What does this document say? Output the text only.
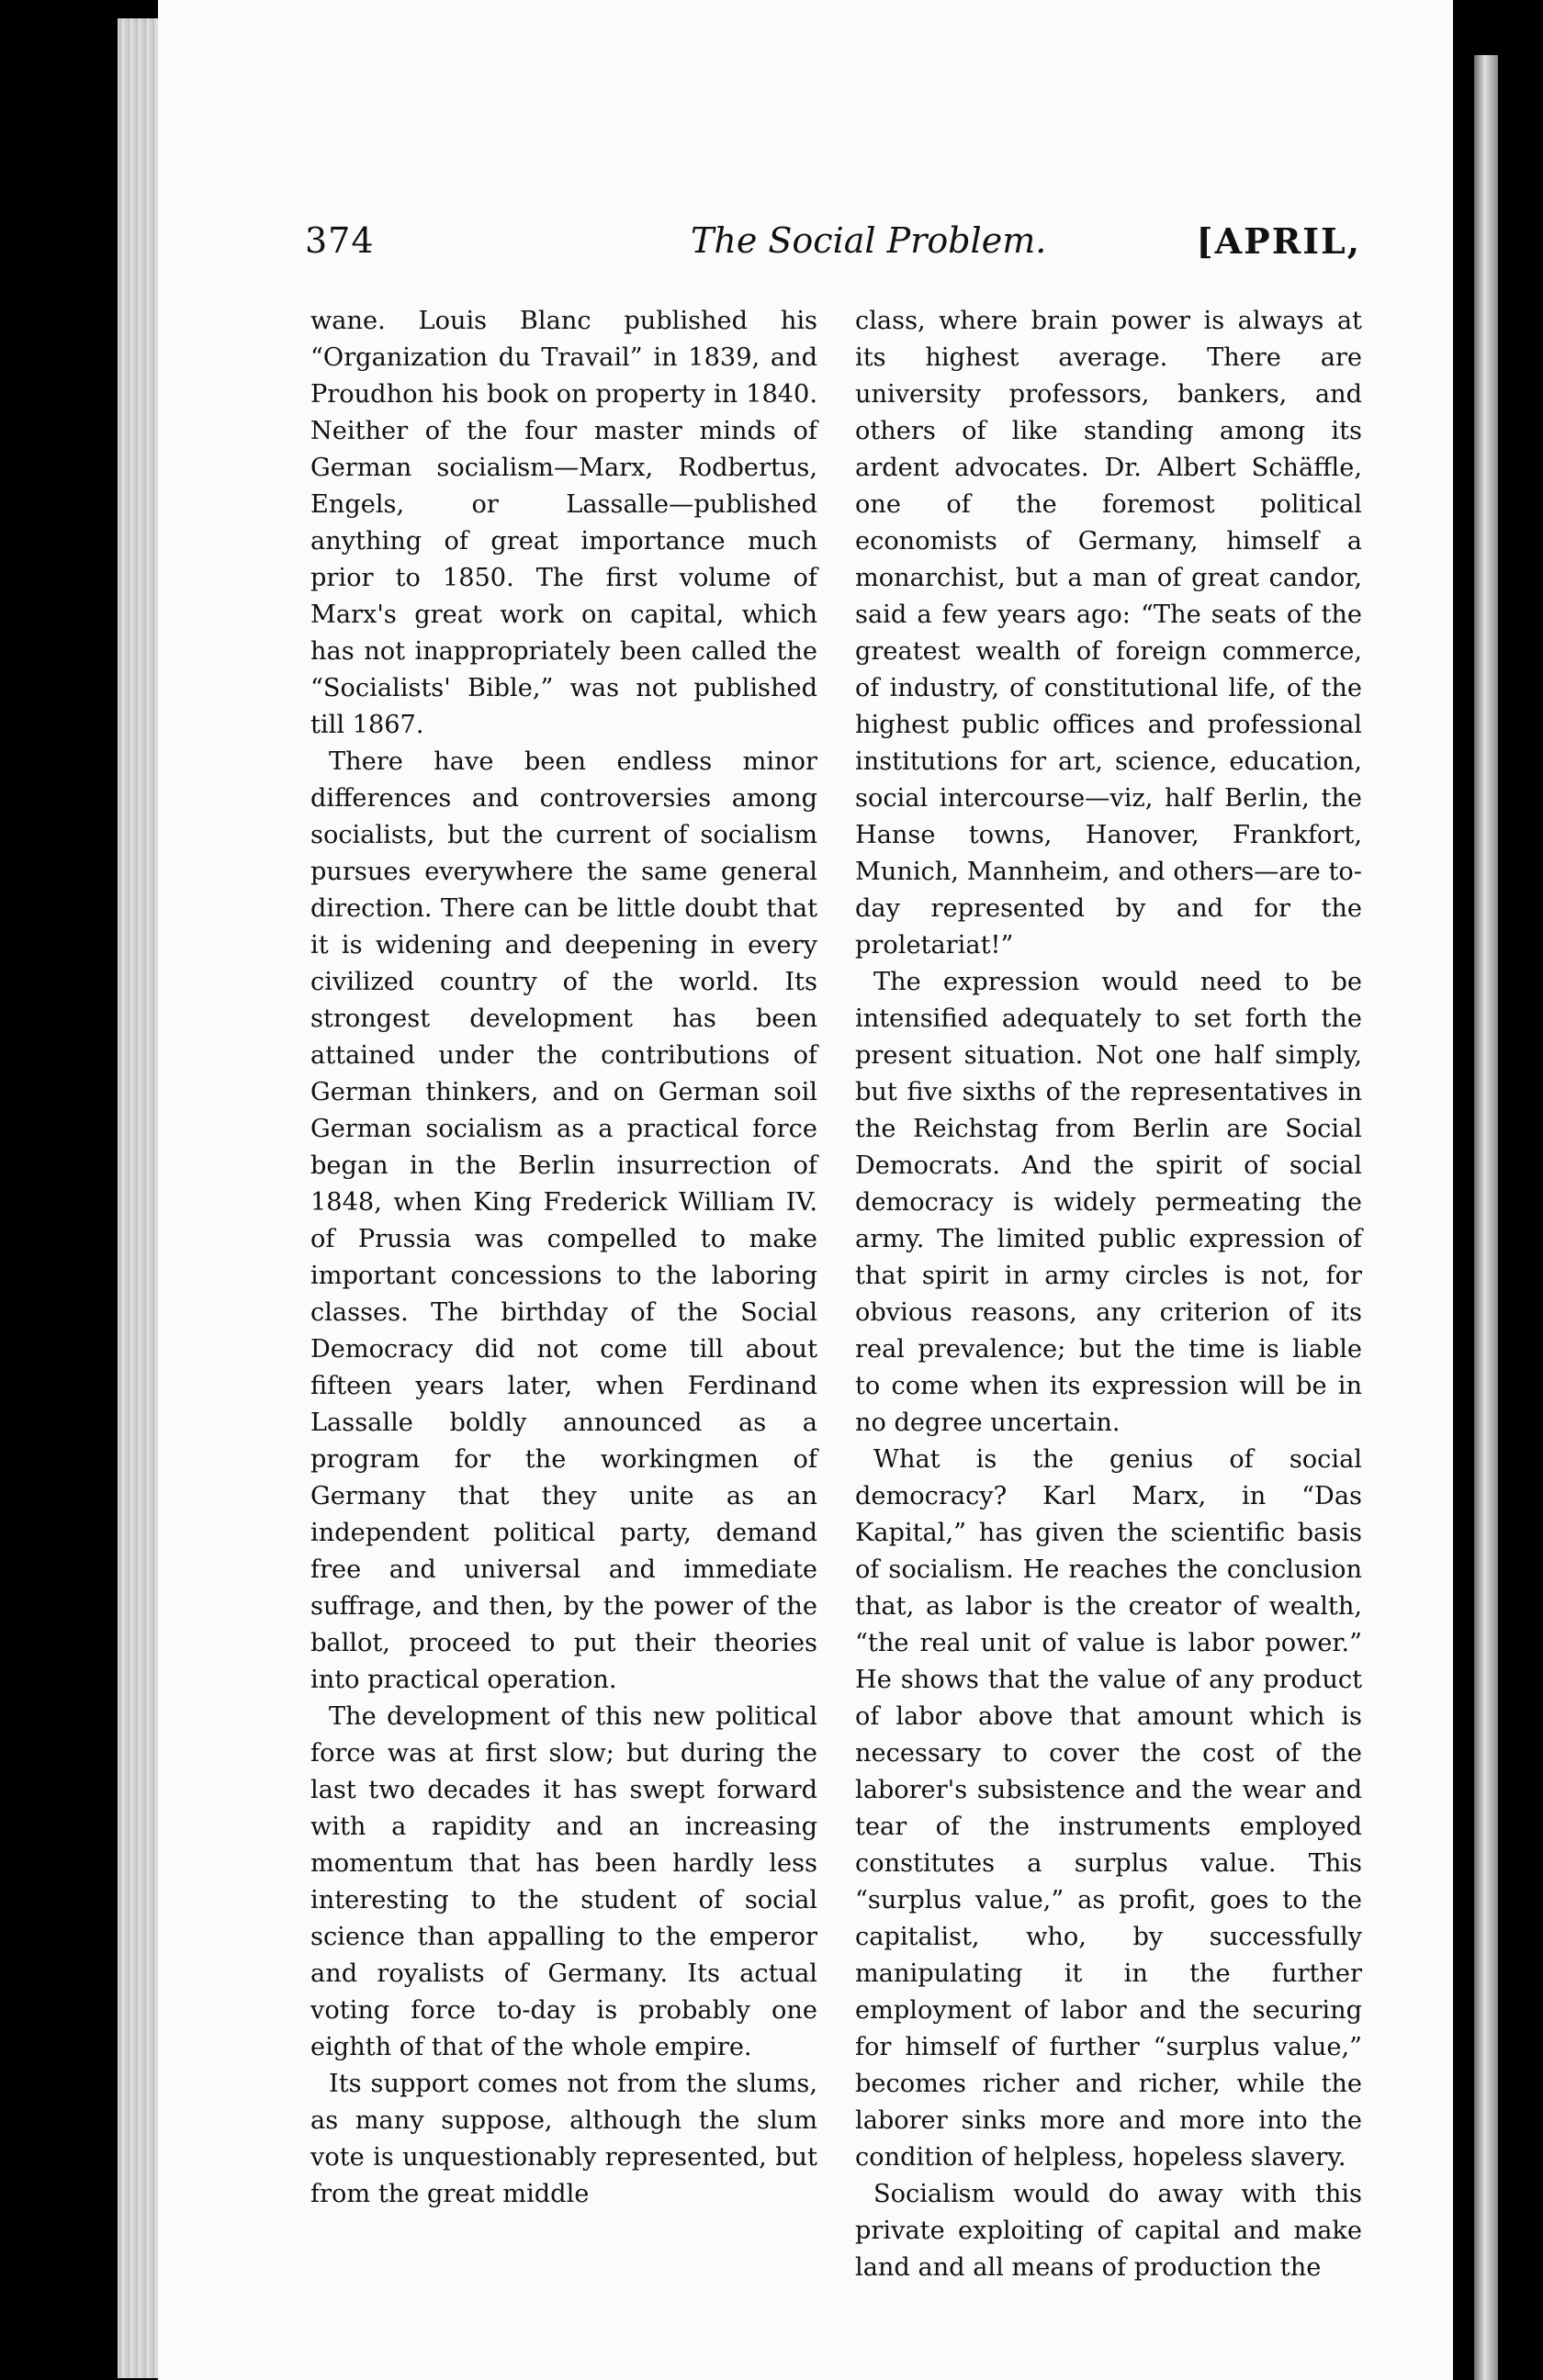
374	The Social Problem.	[APRIL,

wane. Louis Blanc published his “Organization du Travail” in 1839, and Proudhon his book on property in 1840. Neither of the four master minds of German socialism—Marx, Rodbertus, Engels, or Lassalle—published anything of great importance much prior to 1850. The first volume of Marx's great work on capital, which has not inappropriately been called the “Socialists' Bible,” was not published till 1867.

There have been endless minor differences and controversies among socialists, but the current of socialism pursues everywhere the same general direction. There can be little doubt that it is widening and deepening in every civilized country of the world. Its strongest development has been attained under the contributions of German thinkers, and on German soil German socialism as a practical force began in the Berlin insurrection of 1848, when King Frederick William IV. of Prussia was compelled to make important concessions to the laboring classes. The birthday of the Social Democracy did not come till about fifteen years later, when Ferdinand Lassalle boldly announced as a program for the workingmen of Germany that they unite as an independent political party, demand free and universal and immediate suffrage, and then, by the power of the ballot, proceed to put their theories into practical operation.

The development of this new political force was at first slow; but during the last two decades it has swept forward with a rapidity and an increasing momentum that has been hardly less interesting to the student of social science than appalling to the emperor and royalists of Germany. Its actual voting force to-day is probably one eighth of that of the whole empire.

Its support comes not from the slums, as many suppose, although the slum vote is unquestionably represented, but from the great middle

class, where brain power is always at its highest average. There are university professors, bankers, and others of like standing among its ardent advocates. Dr. Albert Schäffle, one of the foremost political economists of Germany, himself a monarchist, but a man of great candor, said a few years ago: “The seats of the greatest wealth of foreign commerce, of industry, of constitutional life, of the highest public offices and professional institutions for art, science, education, social intercourse—viz, half Berlin, the Hanse towns, Hanover, Frankfort, Munich, Mannheim, and others—are to-day represented by and for the proletariat!”

The expression would need to be intensified adequately to set forth the present situation. Not one half simply, but five sixths of the representatives in the Reichstag from Berlin are Social Democrats. And the spirit of social democracy is widely permeating the army. The limited public expression of that spirit in army circles is not, for obvious reasons, any criterion of its real prevalence; but the time is liable to come when its expression will be in no degree uncertain.

What is the genius of social democracy? Karl Marx, in “Das Kapital,” has given the scientific basis of socialism. He reaches the conclusion that, as labor is the creator of wealth, “the real unit of value is labor power.” He shows that the value of any product of labor above that amount which is necessary to cover the cost of the laborer's subsistence and the wear and tear of the instruments employed constitutes a surplus value. This “surplus value,” as profit, goes to the capitalist, who, by successfully manipulating it in the further employment of labor and the securing for himself of further “surplus value,” becomes richer and richer, while the laborer sinks more and more into the condition of helpless, hopeless slavery.

Socialism would do away with this private exploiting of capital and make land and all means of production the
